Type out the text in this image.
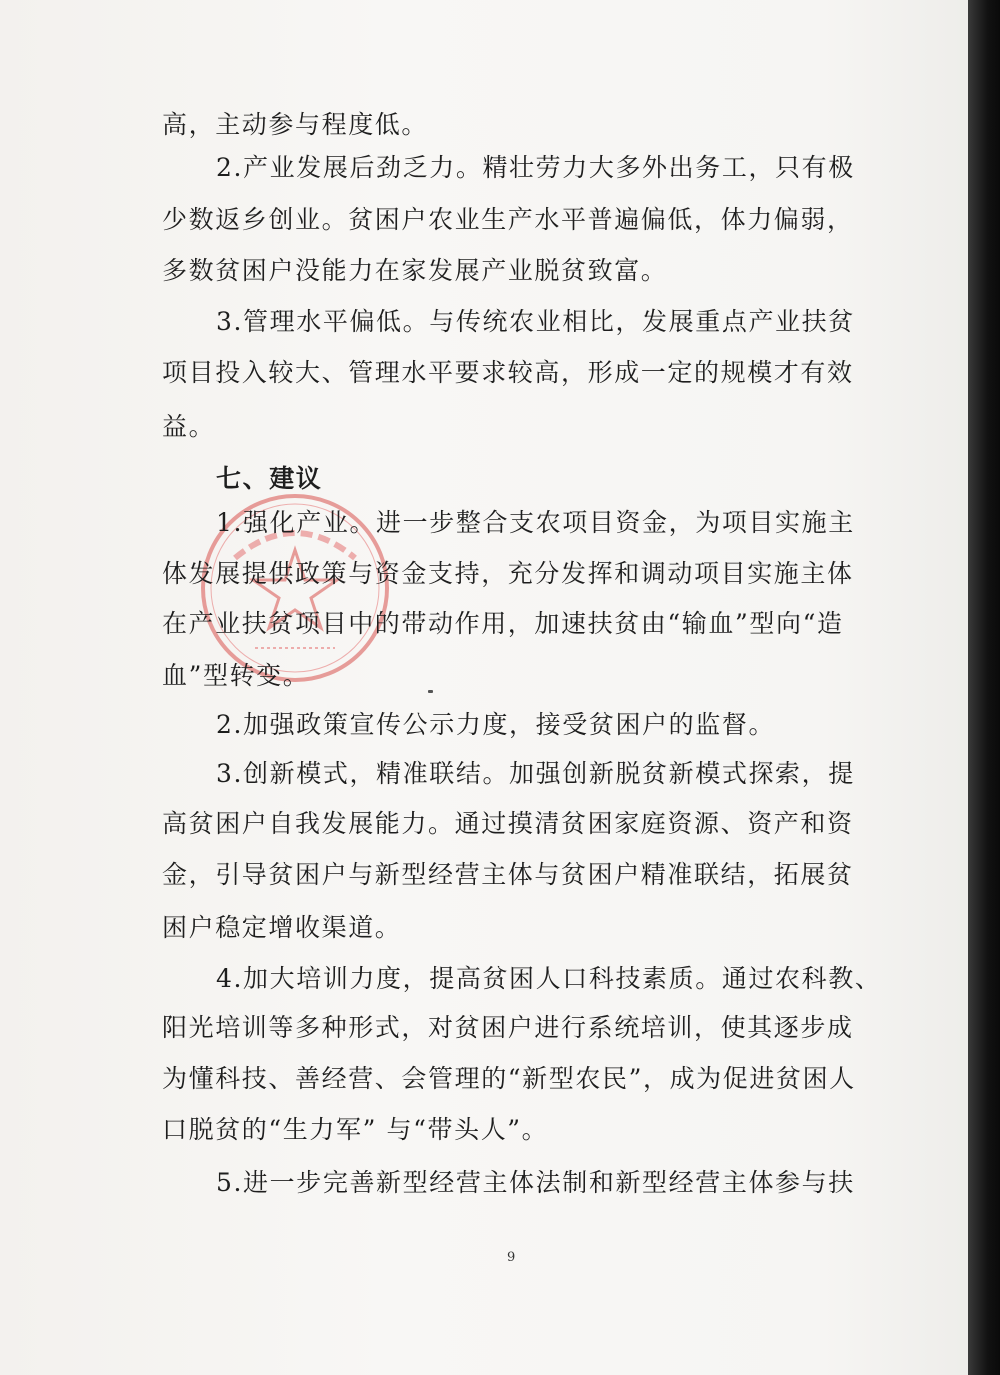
高，主动参与程度低。
2.产业发展后劲乏力。精壮劳力大多外出务工，只有极
少数返乡创业。贫困户农业生产水平普遍偏低，体力偏弱，
多数贫困户没能力在家发展产业脱贫致富。
3.管理水平偏低。与传统农业相比，发展重点产业扶贫
项目投入较大、管理水平要求较高，形成一定的规模才有效
益。
七、建议
1.强化产业。进一步整合支农项目资金，为项目实施主
体发展提供政策与资金支持，充分发挥和调动项目实施主体
在产业扶贫项目中的带动作用，加速扶贫由“输血”型向“造
血”型转变。
2.加强政策宣传公示力度，接受贫困户的监督。
3.创新模式，精准联结。加强创新脱贫新模式探索，提
高贫困户自我发展能力。通过摸清贫困家庭资源、资产和资
金，引导贫困户与新型经营主体与贫困户精准联结，拓展贫
困户稳定增收渠道。
4.加大培训力度，提高贫困人口科技素质。通过农科教、
阳光培训等多种形式，对贫困户进行系统培训，使其逐步成
为懂科技、善经营、会管理的“新型农民”，成为促进贫困人
口脱贫的“生力军” 与“带头人”。
5.进一步完善新型经营主体法制和新型经营主体参与扶
9
